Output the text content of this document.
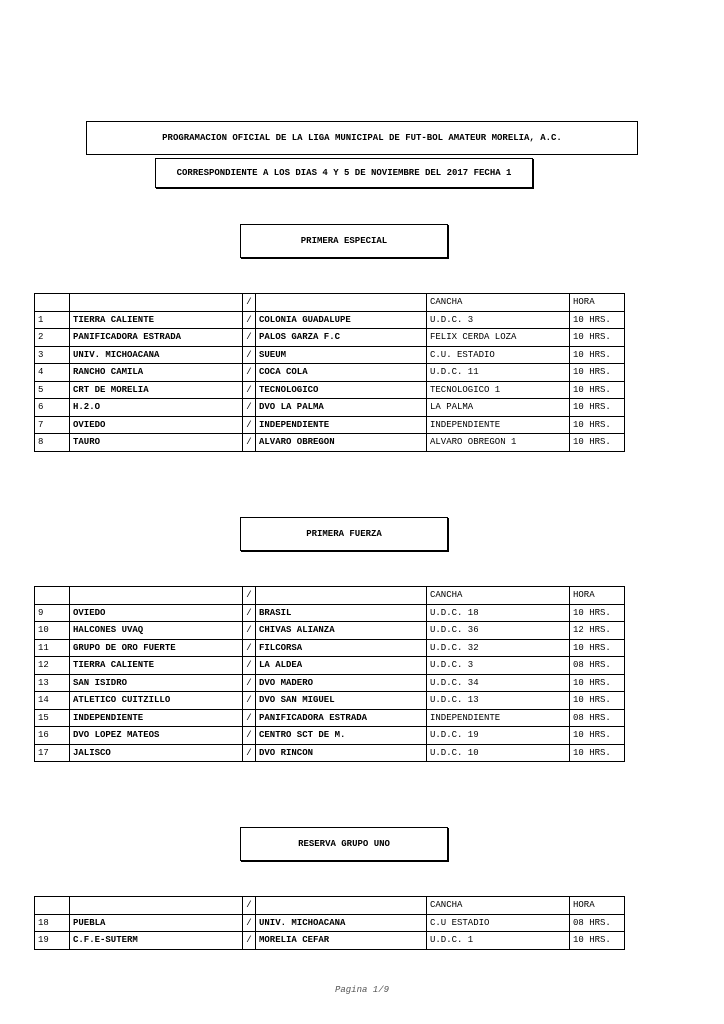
PROGRAMACION OFICIAL DE LA LIGA MUNICIPAL DE FUT-BOL AMATEUR MORELIA, A.C.
CORRESPONDIENTE A LOS DIAS 4 Y 5 DE NOVIEMBRE DEL 2017 FECHA 1
PRIMERA ESPECIAL
PRIMERA FUERZA
RESERVA GRUPO UNO
		/		CANCHA	HORA
1	TIERRA CALIENTE	/	COLONIA GUADALUPE	U.D.C. 3	10 HRS.
2	PANIFICADORA ESTRADA	/	PALOS GARZA F.C	FELIX CERDA LOZA	10 HRS.
3	UNIV. MICHOACANA	/	SUEUM	C.U. ESTADIO	10 HRS.
4	RANCHO CAMILA	/	COCA COLA	U.D.C. 11	10 HRS.
5	CRT DE MORELIA	/	TECNOLOGICO	TECNOLOGICO 1	10 HRS.
6	H.2.O	/	DVO LA PALMA	LA PALMA	10 HRS.
7	OVIEDO	/	INDEPENDIENTE	INDEPENDIENTE	10 HRS.
8	TAURO	/	ALVARO OBREGON	ALVARO OBREGON 1	10 HRS.
		/		CANCHA	HORA
9	OVIEDO	/	BRASIL	U.D.C. 18	10 HRS.
10	HALCONES UVAQ	/	CHIVAS ALIANZA	U.D.C. 36	12 HRS.
11	GRUPO DE ORO FUERTE	/	FILCORSA	U.D.C. 32	10 HRS.
12	TIERRA CALIENTE	/	LA ALDEA	U.D.C. 3	08 HRS.
13	SAN ISIDRO	/	DVO MADERO	U.D.C. 34	10 HRS.
14	ATLETICO CUITZILLO	/	DVO SAN MIGUEL	U.D.C. 13	10 HRS.
15	INDEPENDIENTE	/	PANIFICADORA ESTRADA	INDEPENDIENTE	08 HRS.
16	DVO LOPEZ MATEOS	/	CENTRO SCT DE M.	U.D.C. 19	10 HRS.
17	JALISCO	/	DVO RINCON	U.D.C. 10	10 HRS.
		/		CANCHA	HORA
18	PUEBLA	/	UNIV. MICHOACANA	C.U ESTADIO	08 HRS.
19	C.F.E-SUTERM	/	MORELIA CEFAR	U.D.C. 1	10 HRS.
Pagina 1/9
